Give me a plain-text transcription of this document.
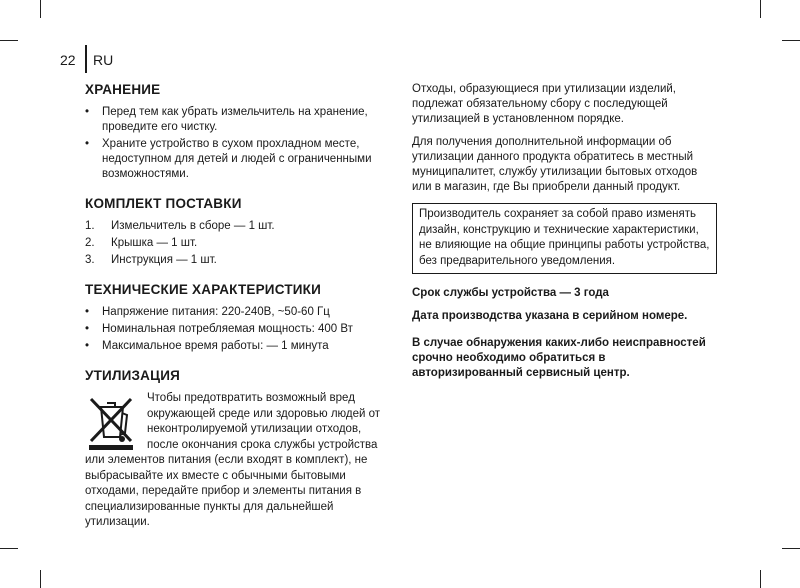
22 RU
ХРАНЕНИЕ
• Перед тем как убрать измельчитель на хранение, проведите его чистку.
• Храните устройство в сухом прохладном месте, недоступном для детей и людей с ограниченными возможностями.
КОМПЛЕКТ ПОСТАВКИ
1. Измельчитель в сборе — 1 шт.
2. Крышка — 1 шт.
3. Инструкция — 1 шт.
ТЕХНИЧЕСКИЕ ХАРАКТЕРИСТИКИ
• Напряжение питания: 220-240В, ~50-60 Гц
• Номинальная потребляемая мощность: 400 Вт
• Максимальное время работы: — 1 минута
УТИЛИЗАЦИЯ

Чтобы предотвратить возможный вред окружающей среде или здоровью людей от неконтролируемой утилизации отходов, после окончания срока службы устройства или элементов питания (если входят в комплект), не выбрасывайте их вместе с обычными бытовыми отходами, передайте прибор и элементы питания в специализированные пункты для дальнейшей утилизации.

Отходы, образующиеся при утилизации изделий, подлежат обязательному сбору с последующей утилизацией в установленном порядке.

Для получения дополнительной информации об утилизации данного продукта обратитесь в местный муниципалитет, службу утилизации бытовых отходов или в магазин, где Вы приобрели данный продукт.

Производитель сохраняет за собой право изменять дизайн, конструкцию и технические характеристики, не влияющие на общие принципы работы устройства, без предварительного уведомления.

Срок службы устройства — 3 года

Дата производства указана в серийном номере.

В случае обнаружения каких-либо неисправностей срочно необходимо обратиться в авторизированный сервисный центр.
